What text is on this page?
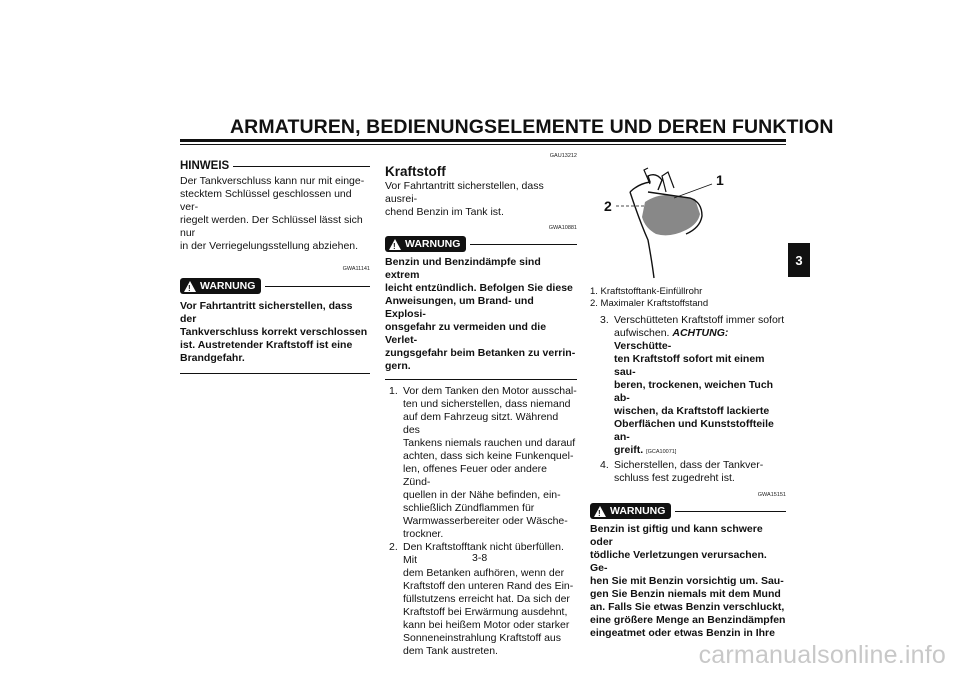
ARMATUREN, BEDIENUNGSELEMENTE UND DEREN FUNKTION
3
HINWEIS
Der Tankverschluss kann nur mit einge-
stecktem Schlüssel geschlossen und ver-
riegelt werden. Der Schlüssel lässt sich nur
in der Verriegelungsstellung abziehen.
GWA11141
! WARNUNG
Vor Fahrtantritt sicherstellen, dass der
Tankverschluss korrekt verschlossen
ist. Austretender Kraftstoff ist eine
Brandgefahr.
GAU13212
Kraftstoff
Vor Fahrtantritt sicherstellen, dass ausrei-
chend Benzin im Tank ist.
GWA10881
! WARNUNG
Benzin und Benzindämpfe sind extrem
leicht entzündlich. Befolgen Sie diese
Anweisungen, um Brand- und Explosi-
onsgefahr zu vermeiden und die Verlet-
zungsgefahr beim Betanken zu verrin-
gern.
1. Vor dem Tanken den Motor ausschal-
ten und sicherstellen, dass niemand
auf dem Fahrzeug sitzt. Während des
Tankens niemals rauchen und darauf
achten, dass sich keine Funkenquel-
len, offenes Feuer oder andere Zünd-
quellen in der Nähe befinden, ein-
schließlich Zündflammen für
Warmwasserbereiter oder Wäsche-
trockner.
2. Den Kraftstofftank nicht überfüllen. Mit
dem Betanken aufhören, wenn der
Kraftstoff den unteren Rand des Ein-
füllstutzens erreicht hat. Da sich der
Kraftstoff bei Erwärmung ausdehnt,
kann bei heißem Motor oder starker
Sonneneinstrahlung Kraftstoff aus
dem Tank austreten.
1
2
1. Kraftstofftank-Einfüllrohr
2. Maximaler Kraftstoffstand
3. Verschütteten Kraftstoff immer sofort
aufwischen. ACHTUNG: Verschütte-
ten Kraftstoff sofort mit einem sau-
beren, trockenen, weichen Tuch ab-
wischen, da Kraftstoff lackierte
Oberflächen und Kunststoffteile an-
greift. [GCA10071]
4. Sicherstellen, dass der Tankver-
schluss fest zugedreht ist.
GWA15151
! WARNUNG
Benzin ist giftig und kann schwere oder
tödliche Verletzungen verursachen. Ge-
hen Sie mit Benzin vorsichtig um. Sau-
gen Sie Benzin niemals mit dem Mund
an. Falls Sie etwas Benzin verschluckt,
eine größere Menge an Benzindämpfen
eingeatmet oder etwas Benzin in Ihre
3-8
carmanualsonline.info
